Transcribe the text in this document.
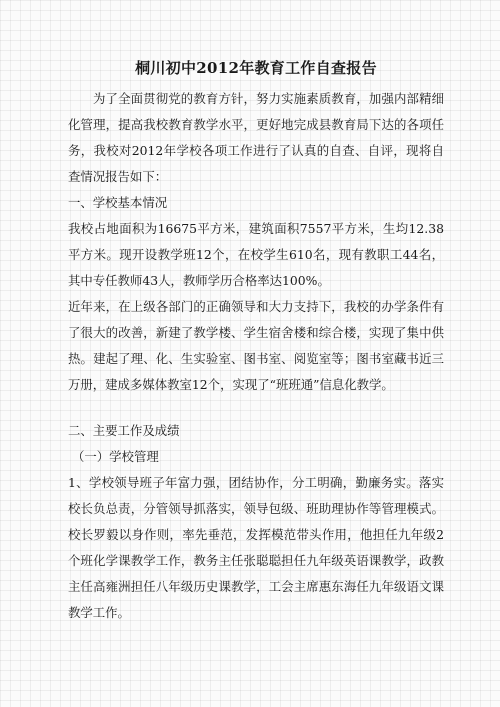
桐川初中2012年教育工作自查报告

为了全面贯彻党的教育方针，努力实施素质教育，加强内部精细化管理，提高我校教育教学水平，更好地完成县教育局下达的各项任务，我校对2012年学校各项工作进行了认真的自查、自评，现将自查情况报告如下：

一、学校基本情况

我校占地面积为16675平方米，建筑面积7557平方米，生均12.38平方米。现开设教学班12个，在校学生610名，现有教职工44名，其中专任教师43人，教师学历合格率达100%。

近年来，在上级各部门的正确领导和大力支持下，我校的办学条件有了很大的改善，新建了教学楼、学生宿舍楼和综合楼，实现了集中供热。建起了理、化、生实验室、图书室、阅览室等；图书室藏书近三万册，建成多媒体教室12个，实现了“班班通”信息化教学。

二、主要工作及成绩

（一）学校管理

1、学校领导班子年富力强，团结协作，分工明确，勤廉务实。落实校长负总责，分管领导抓落实，领导包级、班助理协作等管理模式。校长罗毅以身作则，率先垂范，发挥模范带头作用，他担任九年级2个班化学课教学工作，教务主任张聪聪担任九年级英语课教学，政教主任高雍洲担任八年级历史课教学，工会主席惠东海任九年级语文课教学工作。
